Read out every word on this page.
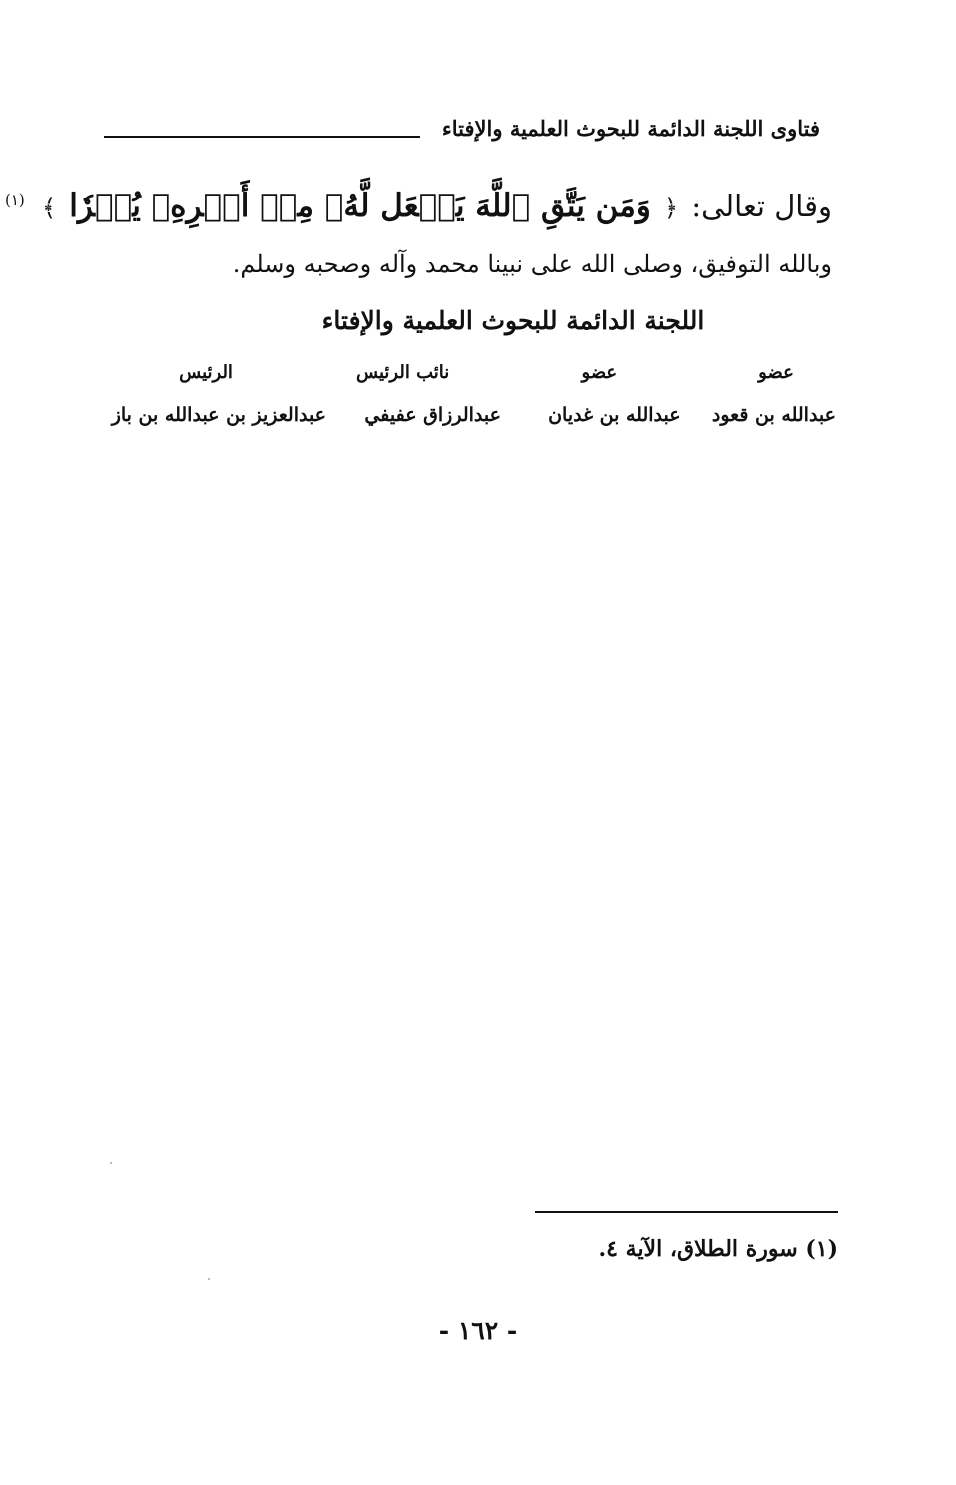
فتاوى اللجنة الدائمة للبحوث العلمية والإفتاء
وقال تعالى: ﴿ وَمَن يَتَّقِ ٱللَّهَ يَجۡعَل لَّهُۥ مِنۡ أَمۡرِهِۦ يُسۡرٗا ﴾ $^{(١)}$
وبالله التوفيق، وصلى الله على نبينا محمد وآله وصحبه وسلم.
اللجنة الدائمة للبحوث العلمية والإفتاء
عضو
عضو
نائب الرئيس
الرئيس
عبدالله بن قعود
عبدالله بن غديان
عبدالرزاق عفيفي
عبدالعزيز بن عبدالله بن باز
(١) سورة الطلاق، الآية ٤.
- ١٦٢ -
